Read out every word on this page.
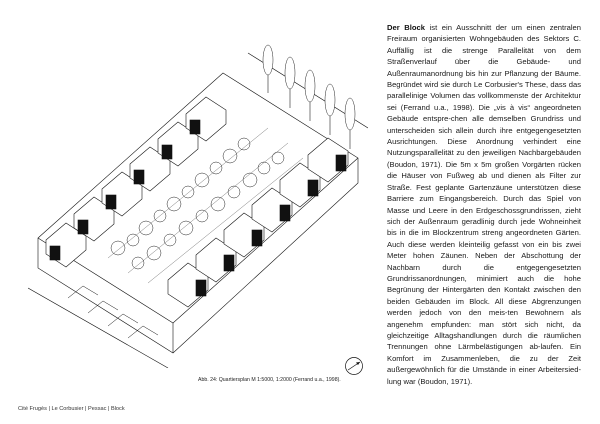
Abb. 24: Quartiersplan M 1:5000, 1:2000 (Ferrand u.a., 1998).
Der Block ist ein Ausschnitt der um einen zentralen Freiraum organisierten Wohngebäuden des Sektors C. Auffällig ist die strenge Parallelität von dem Straßenverlauf über die Gebäude- und Außenraumanordnung bis hin zur Pflanzung der Bäume. Begründet wird sie durch Le Corbusier's These, dass das parallelinige Volumen das vollkommenste der Architektur sei (Ferrand u.a., 1998). Die „vis à vis“ angeordneten Gebäude entspre-chen alle demselben Grundriss und unterscheiden sich allein durch ihre entgegengesetzten Ausrichtungen. Diese Anordnung verhindert eine Nutzungsparallelität zu den jeweiligen Nachbargebäuden (Boudon, 1971). Die 5m x 5m großen Vorgärten rücken die Häuser von Fußweg ab und dienen als Filter zur Straße. Fest geplante Gartenzäune unterstützen diese Barriere zum Eingangsbereich. Durch das Spiel von Masse und Leere in den Erdgeschossgrundrissen, zieht sich der Außenraum geradlinig durch jede Wohneinheit bis in die im Blockzentrum streng angeordneten Gärten. Auch diese werden kleinteilig gefasst von ein bis zwei Meter hohen Zäunen. Neben der Abschottung der Nachbarn durch die entgegengesetzten Grundrissanordnungen, minimiert auch die hohe Begrünung der Hintergärten den Kontakt zwischen den beiden Gebäuden im Block. All diese Abgrenzungen werden jedoch von den meis-ten Bewohnern als angenehm empfunden: man stört sich nicht, da gleichzeitige Alltagshandlungen durch die räumlichen Trennungen ohne Lärmbelästigungen ab-laufen. Ein Komfort im Zusammenleben, die zu der Zeit außergewöhnlich für die Umstände in einer Arbeitersied-lung war (Boudon, 1971).
Cité Frugès | Le Corbusier | Pessac | Block
